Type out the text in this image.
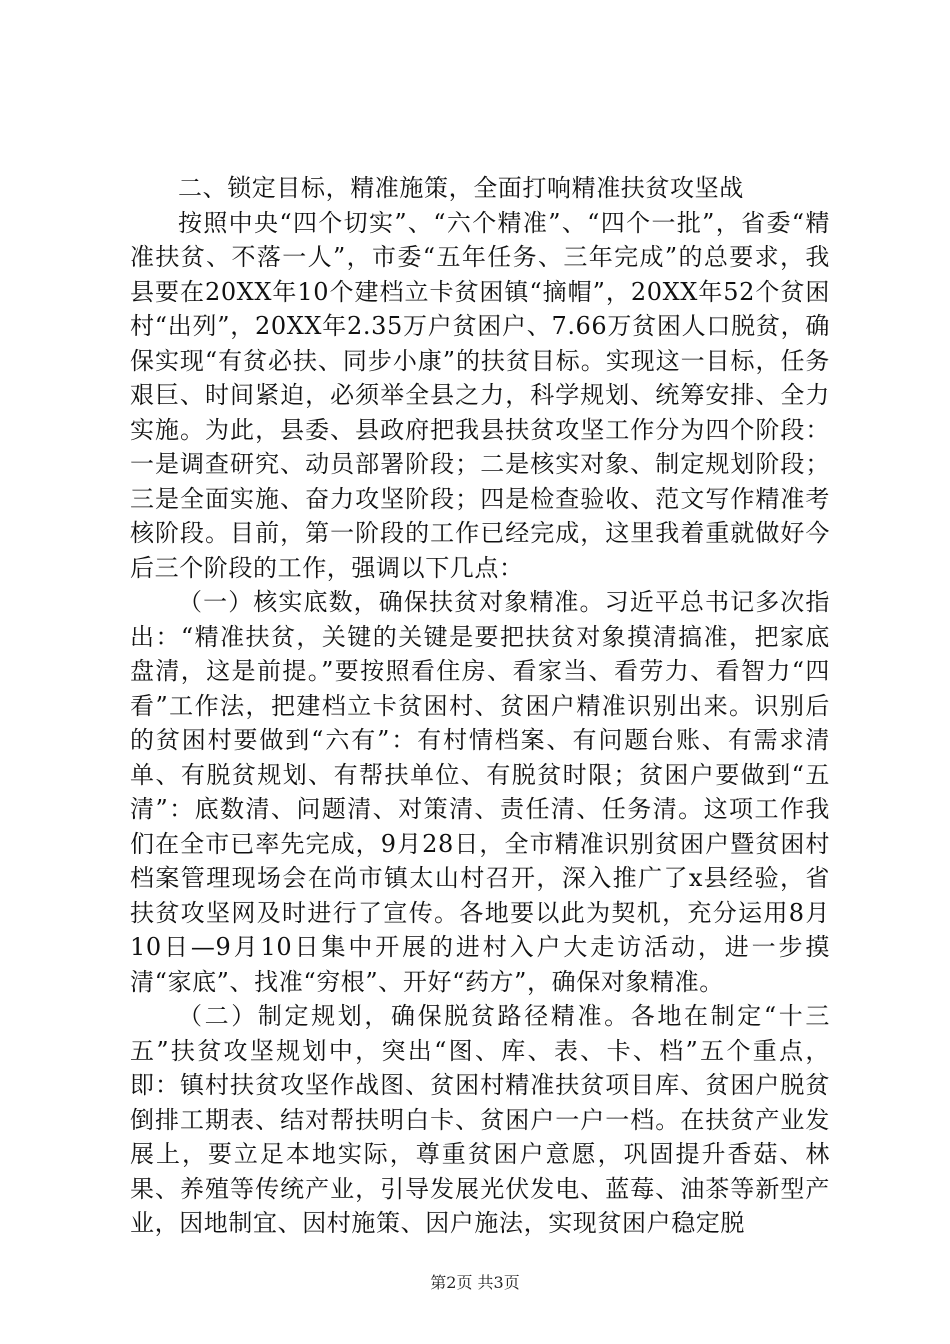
二、锁定目标，精准施策，全面打响精准扶贫攻坚战

按照中央“四个切实”、“六个精准”、“四个一批”，省委“精准扶贫、不落一人”，市委“五年任务、三年完成”的总要求，我县要在20XX年10个建档立卡贫困镇“摘帽”，20XX年52个贫困村“出列”，20XX年2.35万户贫困户、7.66万贫困人口脱贫，确保实现“有贫必扶、同步小康”的扶贫目标。实现这一目标，任务艰巨、时间紧迫，必须举全县之力，科学规划、统筹安排、全力实施。为此，县委、县政府把我县扶贫攻坚工作分为四个阶段：一是调查研究、动员部署阶段；二是核实对象、制定规划阶段；三是全面实施、奋力攻坚阶段；四是检查验收、范文写作精准考核阶段。目前，第一阶段的工作已经完成，这里我着重就做好今后三个阶段的工作，强调以下几点：

（一）核实底数，确保扶贫对象精准。习近平总书记多次指出：“精准扶贫，关键的关键是要把扶贫对象摸清搞准，把家底盘清，这是前提。”要按照看住房、看家当、看劳力、看智力“四看”工作法，把建档立卡贫困村、贫困户精准识别出来。识别后的贫困村要做到“六有”：有村情档案、有问题台账、有需求清单、有脱贫规划、有帮扶单位、有脱贫时限；贫困户要做到“五清”：底数清、问题清、对策清、责任清、任务清。这项工作我们在全市已率先完成，9月28日，全市精准识别贫困户暨贫困村档案管理现场会在尚市镇太山村召开，深入推广了x县经验，省扶贫攻坚网及时进行了宣传。各地要以此为契机，充分运用8月10日—9月10日集中开展的进村入户大走访活动，进一步摸清“家底”、找准“穷根”、开好“药方”，确保对象精准。

（二）制定规划，确保脱贫路径精准。各地在制定“十三五”扶贫攻坚规划中，突出“图、库、表、卡、档”五个重点，即：镇村扶贫攻坚作战图、贫困村精准扶贫项目库、贫困户脱贫倒排工期表、结对帮扶明白卡、贫困户一户一档。在扶贫产业发展上，要立足本地实际，尊重贫困户意愿，巩固提升香菇、林果、养殖等传统产业，引导发展光伏发电、蓝莓、油茶等新型产业，因地制宜、因村施策、因户施法，实现贫困户稳定脱

第2页 共3页
